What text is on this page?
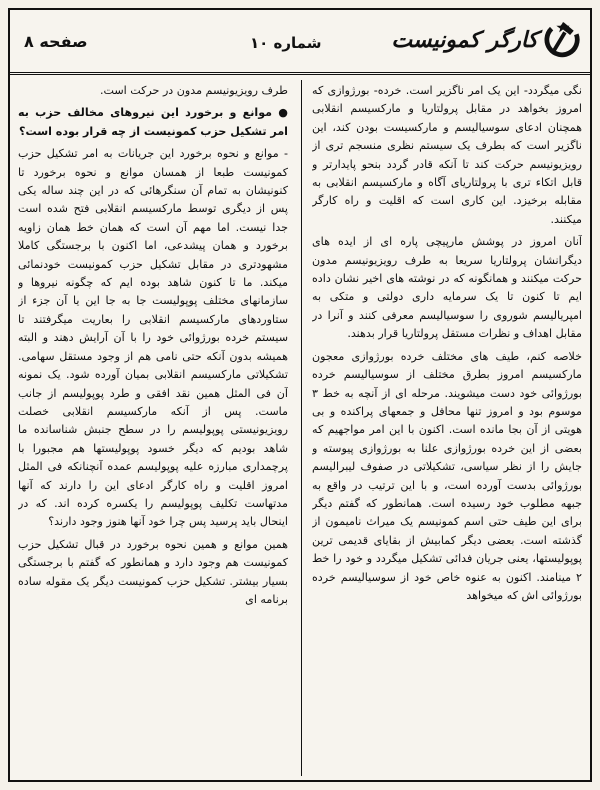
صفحه ۸	شماره ۱۰	کارگر کمونیست

نگی میگردد- این یک امر ناگزیر است. خرده- بورژوازی که امروز بخواهد در مقابل پرولتاریا و مارکسیسم انقلابی همچنان ادعای سوسیالیسم و مارکسیست بودن کند، این ناگزیر است که بطرف یک سیستم نظری منسجم تری از رویزیونیسم حرکت کند تا آنکه قادر گردد بنحو پایدارتر و قابل اتکاء تری با پرولتاریای آگاه و مارکسیسم انقلابی به مقابله برخیزد. این کاری است که اقلیت و راه کارگر میکنند.

آنان امروز در پوشش مارپیچی پاره ای از ایده های دیگرانشان پرولتاریا سریعا به طرف رویزیونیسم مدون حرکت میکنند و همانگونه که در نوشته های اخیر نشان داده ایم تا کنون تا یک سرمایه داری دولتی و متکی به امپریالیسم شوروی را سوسیالیسم معرفی کنند و آنرا در مقابل اهداف و نظرات مستقل پرولتاریا قرار بدهند.

خلاصه کنم، طیف های مختلف خرده بورژوازی معجون مارکسیسم امروز بطرق مختلف از سوسیالیسم خرده بورژوائی خود دست میشویند. مرحله ای از آنچه به خط ۳ موسوم بود و امروز تنها محافل و جمعهای پراکنده و بی هویتی از آن بجا مانده است. اکنون با این امر مواجهیم که بعضی از این خرده بورژوازی علنا به بورژوازی پیوسته و جایش را از نظر سیاسی، تشکیلاتی در صفوف لیبرالیسم بورژوائی بدست آورده است، و با این ترتیب در واقع به جبهه مطلوب خود رسیده است. همانطور که گفتم دیگر برای این طیف حتی اسم کمونیسم یک میراث نامیمون از گذشته است. بعضی دیگر کمابیش از بقایای قدیمی ترین پوپولیستها، یعنی جریان فدائی تشکیل میگردد و خود را خط ۲ مینامند. اکنون به عنوه خاص خود از سوسیالیسم خرده بورژوائی اش که میخواهد

طرف رویزیونیسم مدون در حرکت است.

● موانع و برخورد این نیروهای مخالف حزب به امر تشکیل حزب کمونیست از چه قرار بوده است؟

- موانع و نحوه برخورد این جریانات به امر تشکیل حزب کمونیست طبعا از همسان موانع و نحوه برخورد تا کنونیشان به تمام آن سنگرهائی که در این چند ساله یکی پس از دیگری توسط مارکسیسم انقلابی فتح شده است جدا نیست. اما مهم آن است که همان خط همان زاویه برخورد و همان پیشدعی، اما اکنون با برجستگی کاملا مشهودتری در مقابل تشکیل حزب کمونیست خودنمائی میکند. ما تا کنون شاهد بوده ایم که چگونه نیروها و سازمانهای مختلف پوپولیست جا به جا این یا آن جزء از ستاوردهای مارکسیسم انقلابی را بعاریت میگرفتند تا سیستم خرده بورژوائی خود را با آن آرایش دهند و البته همیشه بدون آنکه حتی نامی هم از وجود مستقل سهامی. تشکیلاتی مارکسیسم انقلابی بمیان آورده شود. یک نمونه آن فی المثل همین نقد افقی و طرد پوپولیسم از جانب ماست. پس از آنکه مارکسیسم انقلابی خصلت رویزیونیستی پوپولیسم را در سطح جنبش شناسانده ما شاهد بودیم که دیگر خسود پوپولیستها هم مجبورا با پرچمداری مبارزه علیه پوپولیسم عمده آنچنانکه فی المثل امروز اقلیت و راه کارگر ادعای این را دارند که آنها مدتهاست تکلیف پوپولیسم را یکسره کرده اند. که در اینحال باید پرسید پس چرا خود آنها هنوز وجود دارند؟

همین موانع و همین نحوه برخورد در قبال تشکیل حزب کمونیست هم وجود دارد و همانطور که گفتم با برجستگی بسیار بیشتر. تشکیل حزب کمونیست دیگر یک مقوله ساده برنامه ای
